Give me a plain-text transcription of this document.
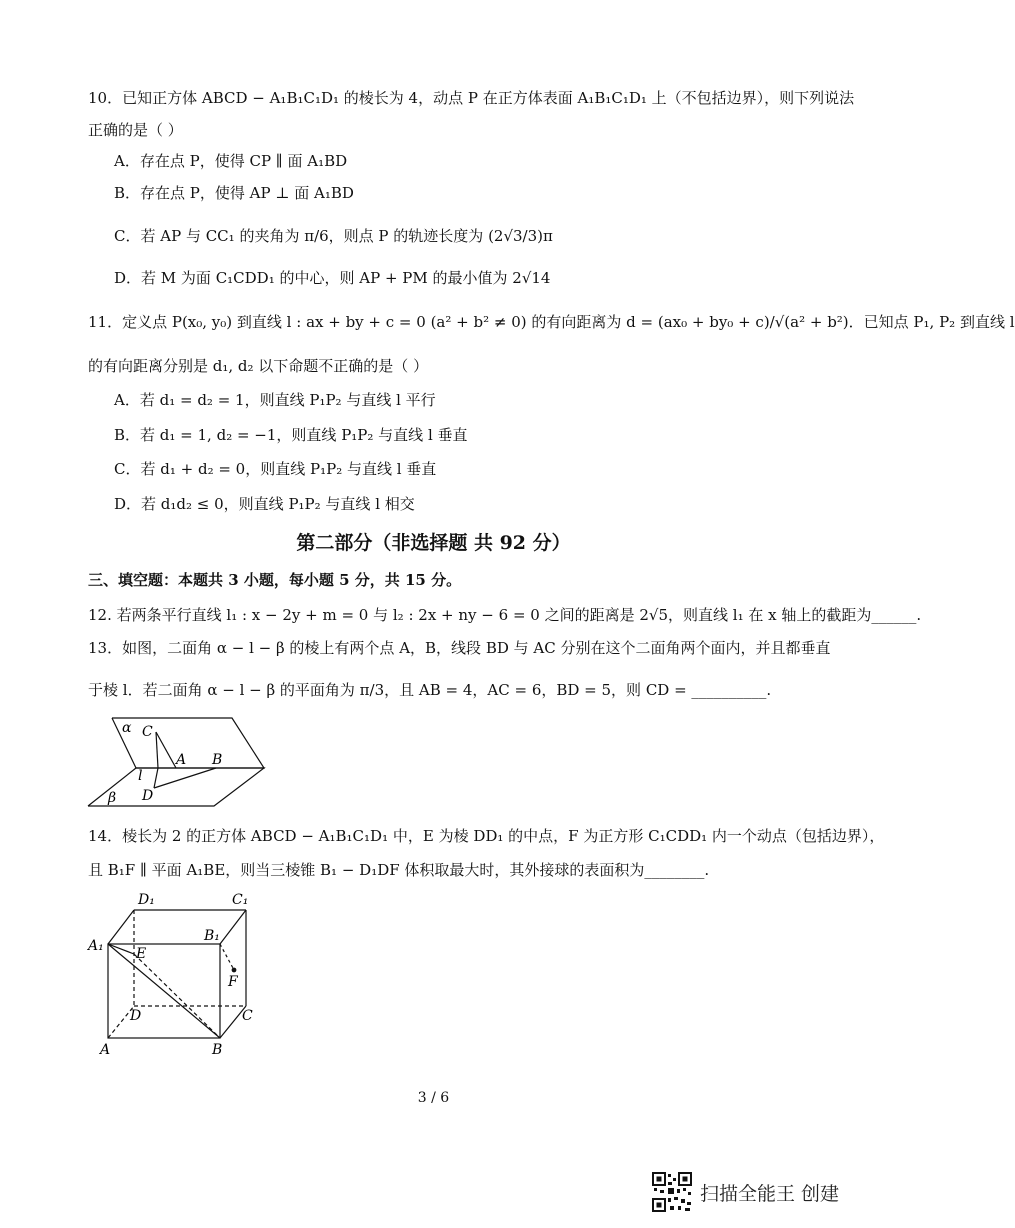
10．已知正方体 ABCD − A₁B₁C₁D₁ 的棱长为 4，动点 P 在正方体表面 A₁B₁C₁D₁ 上（不包括边界），则下列说法
正确的是（ ）
A．存在点 P，使得 CP ∥ 面 A₁BD
B．存在点 P，使得 AP ⊥ 面 A₁BD
C．若 AP 与 CC₁ 的夹角为 π/6，则点 P 的轨迹长度为 (2√3/3)π
D．若 M 为面 C₁CDD₁ 的中心，则 AP + PM 的最小值为 2√14
11．定义点 P(x₀, y₀) 到直线 l : ax + by + c = 0 (a² + b² ≠ 0) 的有向距离为 d = (ax₀ + by₀ + c)/√(a² + b²)．已知点 P₁, P₂ 到直线 l
的有向距离分别是 d₁, d₂ 以下命题不正确的是（ ）
A．若 d₁ = d₂ = 1，则直线 P₁P₂ 与直线 l 平行
B．若 d₁ = 1, d₂ = −1，则直线 P₁P₂ 与直线 l 垂直
C．若 d₁ + d₂ = 0，则直线 P₁P₂ 与直线 l 垂直
D．若 d₁d₂ ≤ 0，则直线 P₁P₂ 与直线 l 相交
第二部分（非选择题 共 92 分）
三、填空题：本题共 3 小题，每小题 5 分，共 15 分。
12. 若两条平行直线 l₁ : x − 2y + m = 0 与 l₂ : 2x + ny − 6 = 0 之间的距离是 2√5，则直线 l₁ 在 x 轴上的截距为______.
13．如图，二面角 α − l − β 的棱上有两个点 A，B，线段 BD 与 AC 分别在这个二面角两个面内，并且都垂直
于棱 l．若二面角 α − l − β 的平面角为 π/3，且 AB = 4，AC = 6，BD = 5，则 CD = __________.
α C
A B
l
D
β
14．棱长为 2 的正方体 ABCD − A₁B₁C₁D₁ 中，E 为棱 DD₁ 的中点，F 为正方形 C₁CDD₁ 内一个动点（包括边界），
且 B₁F ∥ 平面 A₁BE，则当三棱锥 B₁ − D₁DF 体积取最大时，其外接球的表面积为________.
D₁	C₁
A₁
B₁
E
F
D	C
A	B
3 / 6
扫描全能王 创建
